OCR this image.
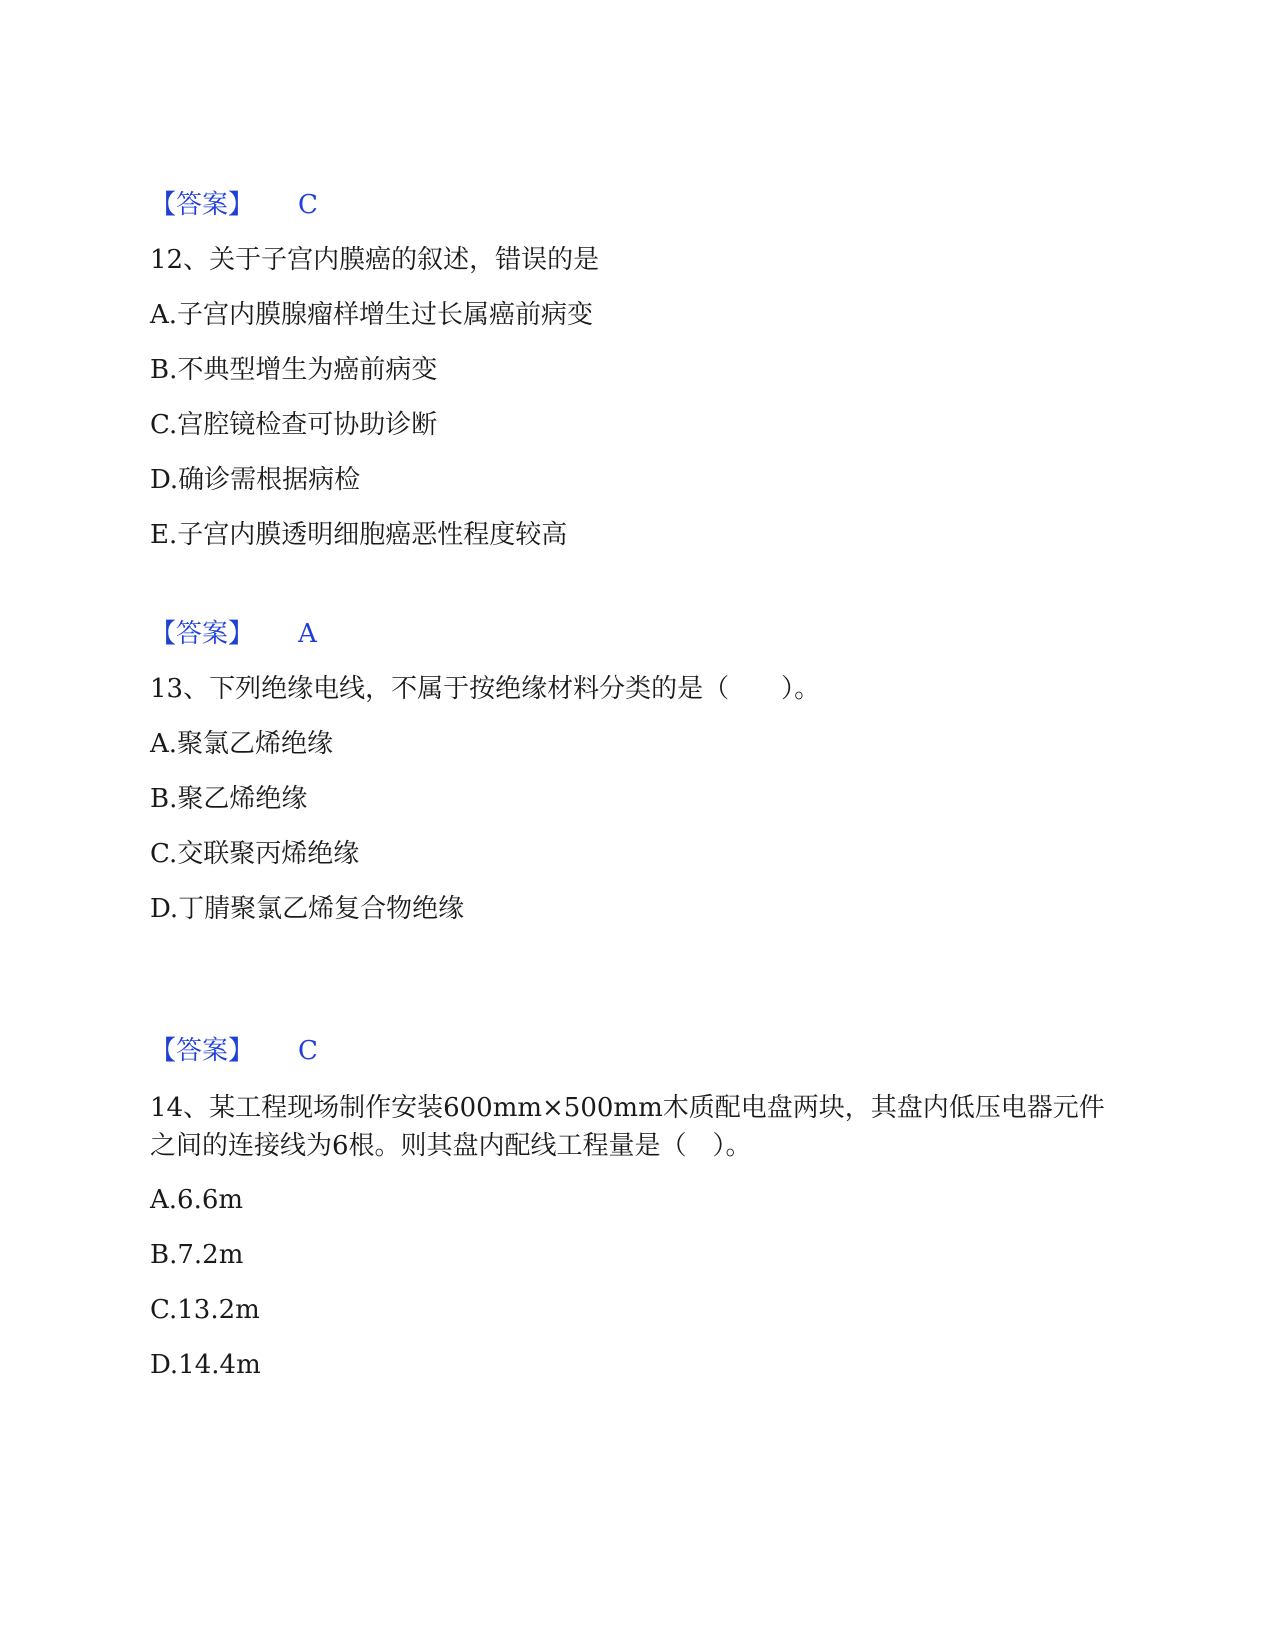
【答案】 C
12、关于子宫内膜癌的叙述，错误的是
A.子宫内膜腺瘤样增生过长属癌前病变
B.不典型增生为癌前病变
C.宫腔镜检查可协助诊断
D.确诊需根据病检
E.子宫内膜透明细胞癌恶性程度较高
【答案】 A
13、下列绝缘电线，不属于按绝缘材料分类的是（　　）。
A.聚氯乙烯绝缘
B.聚乙烯绝缘
C.交联聚丙烯绝缘
D.丁腈聚氯乙烯复合物绝缘
【答案】 C
14、某工程现场制作安装600mm×500mm木质配电盘两块，其盘内低压电器元件之间的连接线为6根。则其盘内配线工程量是（　）。
A.6.6m
B.7.2m
C.13.2m
D.14.4m
